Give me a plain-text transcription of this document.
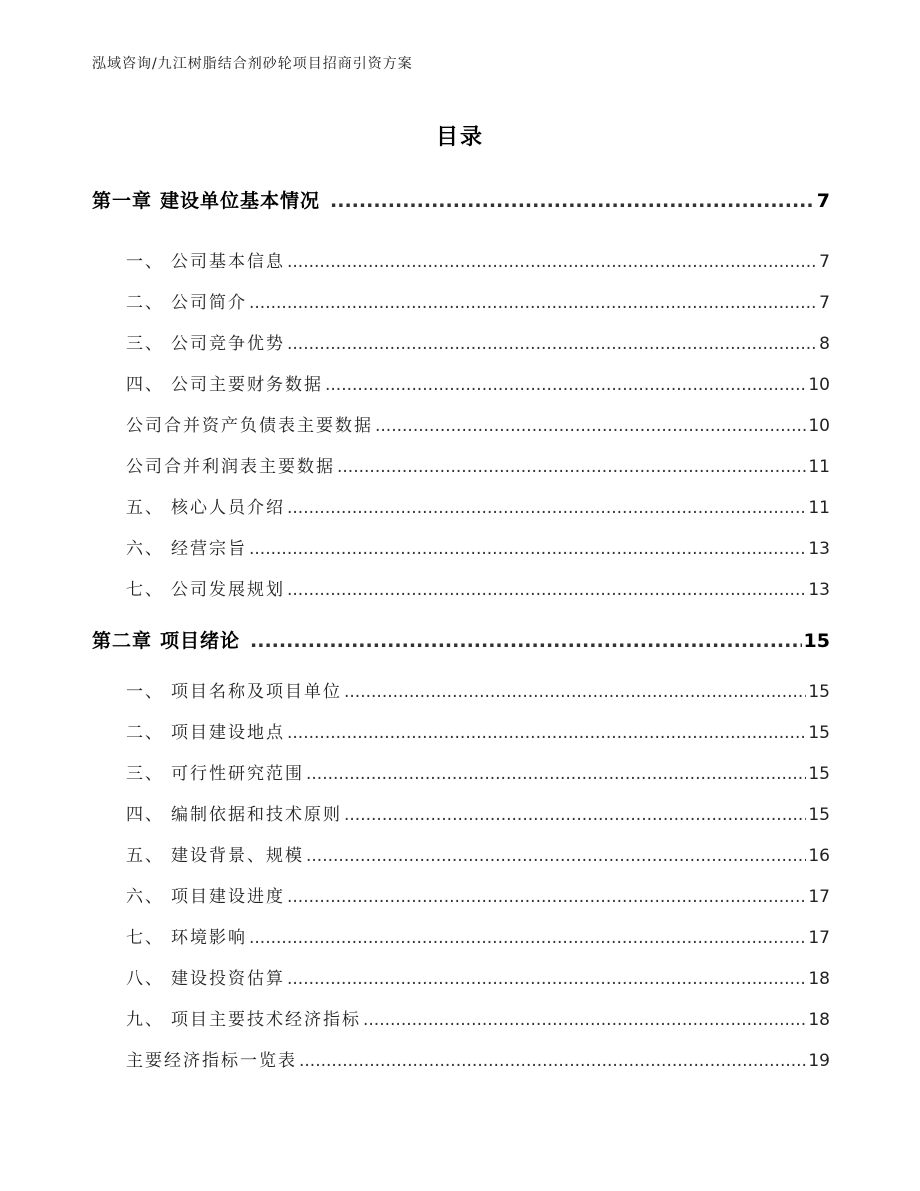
泓域咨询/九江树脂结合剂砂轮项目招商引资方案
目录
第一章 建设单位基本情况 .....	7
一、 公司基本信息 .....	7
二、 公司简介 .....	7
三、 公司竞争优势 .....	8
四、 公司主要财务数据 .....	10
公司合并资产负债表主要数据 .....	10
公司合并利润表主要数据 .....	11
五、 核心人员介绍 .....	11
六、 经营宗旨 .....	13
七、 公司发展规划 .....	13
第二章 项目绪论 .....	15
一、 项目名称及项目单位 .....	15
二、 项目建设地点 .....	15
三、 可行性研究范围 .....	15
四、 编制依据和技术原则 .....	15
五、 建设背景、规模 .....	16
六、 项目建设进度 .....	17
七、 环境影响 .....	17
八、 建设投资估算 .....	18
九、 项目主要技术经济指标 .....	18
主要经济指标一览表 .....	19
